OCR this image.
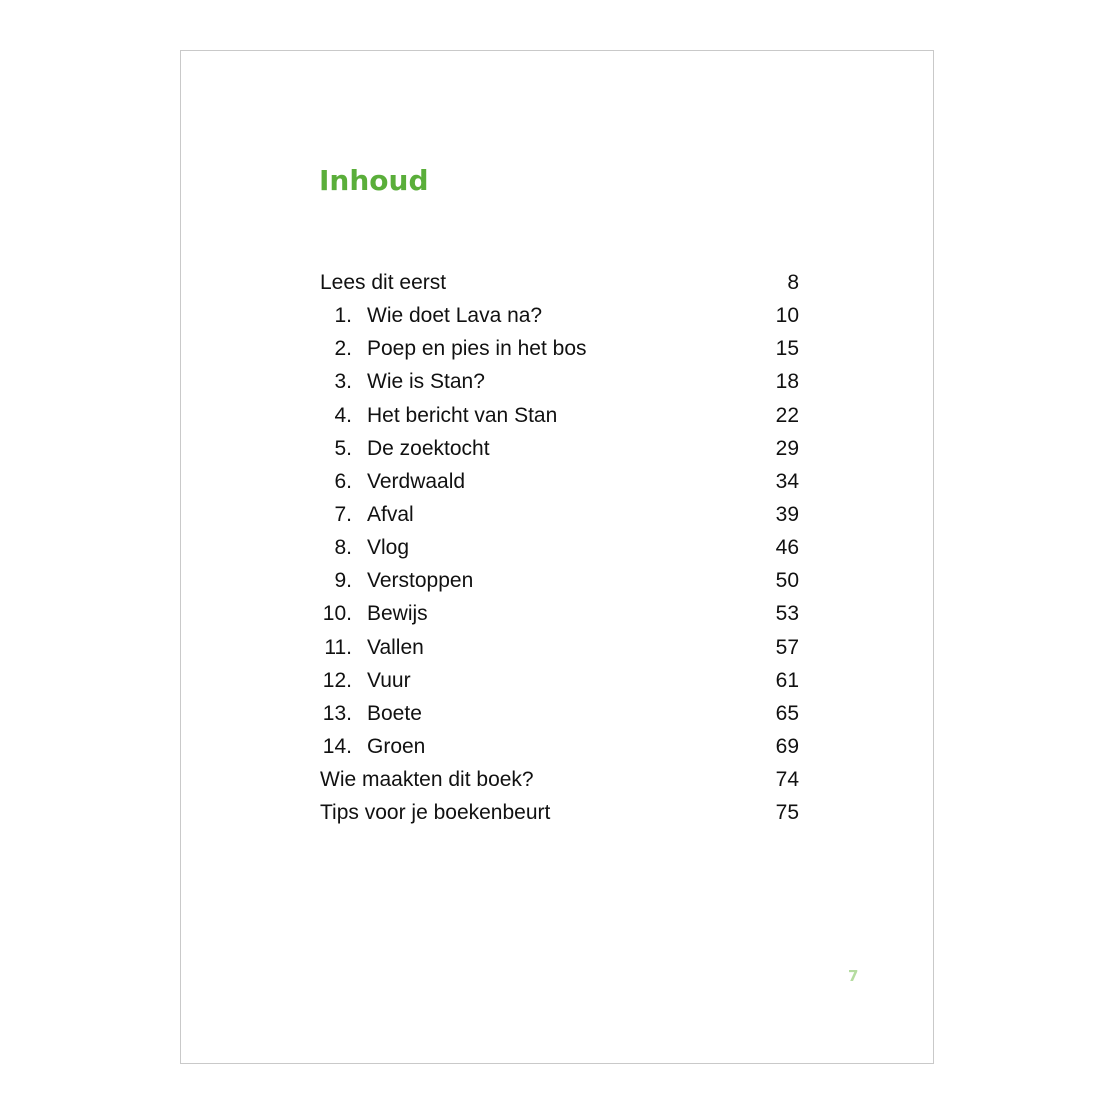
Inhoud
Lees dit eerst	8
1. Wie doet Lava na?	10
2. Poep en pies in het bos	15
3. Wie is Stan?	18
4. Het bericht van Stan	22
5. De zoektocht	29
6. Verdwaald	34
7. Afval	39
8. Vlog	46
9. Verstoppen	50
10. Bewijs	53
11. Vallen	57
12. Vuur	61
13. Boete	65
14. Groen	69
Wie maakten dit boek?	74
Tips voor je boekenbeurt	75
7
